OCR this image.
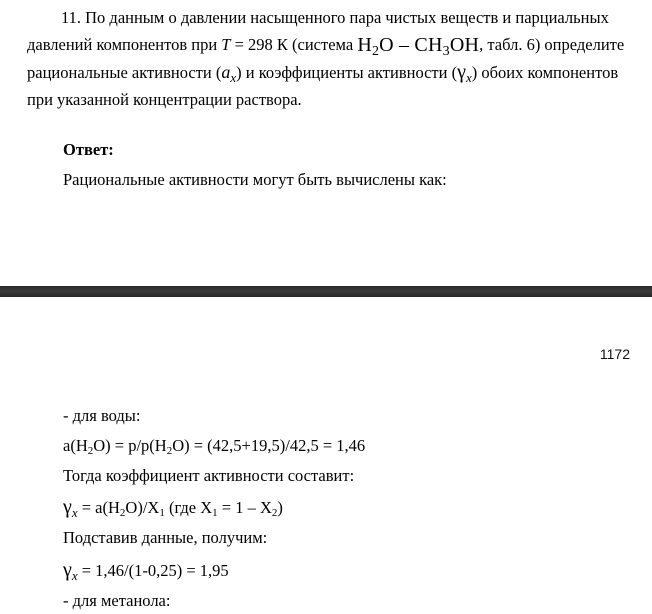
11. По данным о давлении насыщенного пара чистых веществ и парциальных давлений компонентов при T = 298 К (система $H_2O - CH_3OH$, табл. 6) определите рациональные активности $(a_x)$ и коэффициенты активности $(\gamma_x)$ обоих компонентов при указанной концентрации раствора.
Ответ:
Рациональные активности могут быть вычислены как:
1172
- для воды:
$a(H_2O) = p/p(H_2O) = (42,5+19,5)/42,5 = 1,46$
Тогда коэффициент активности составит:
$\gamma_x = a(H_2O)/X_1$ (где $X_1 = 1 - X_2$)
Подставив данные, получим:
$\gamma_x = 1,46/(1-0,25) = 1,95$
- для метанола:
